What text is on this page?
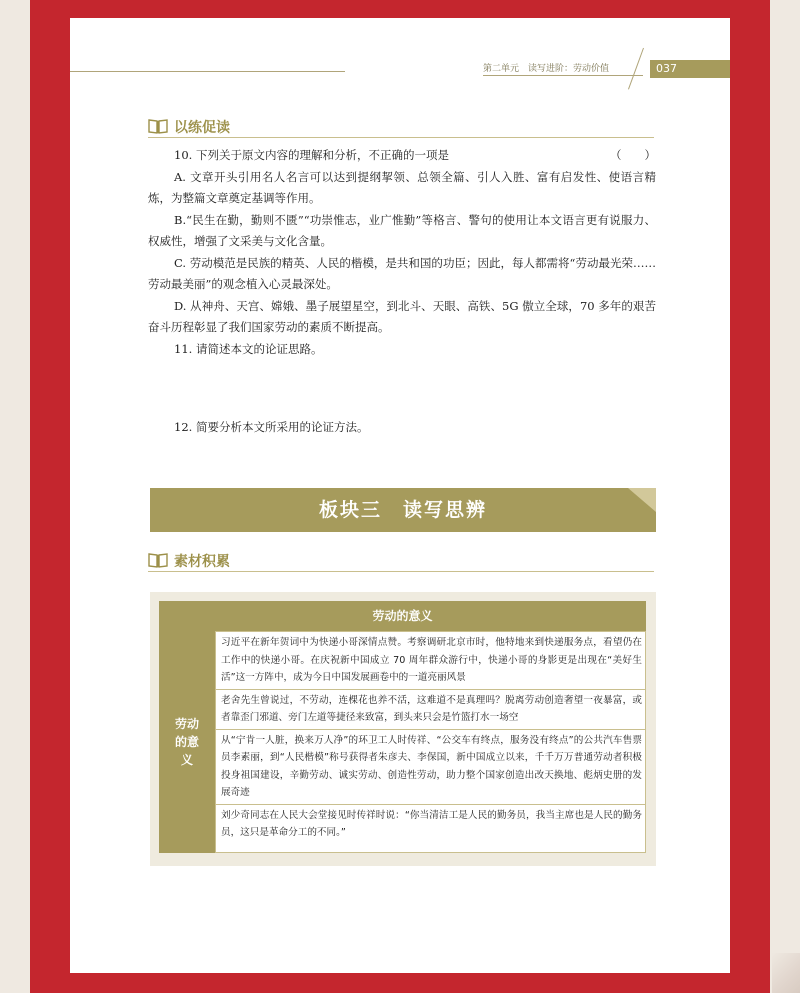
第二单元　读写进阶：劳动价值	037
以练促读

10. 下列关于原文内容的理解和分析，不正确的一项是	（　　）

A. 文章开头引用名人名言可以达到提纲挈领、总领全篇、引人入胜、富有启发性、使语言精炼，为整篇文章奠定基调等作用。

B.“民生在勤，勤则不匮”“功崇惟志，业广惟勤”等格言、警句的使用让本文语言更有说服力、权威性，增强了文采美与文化含量。

C. 劳动模范是民族的精英、人民的楷模，是共和国的功臣；因此，每人都需将“劳动最光荣……劳动最美丽”的观念植入心灵最深处。

D. 从神舟、天宫、嫦娥、墨子展望星空，到北斗、天眼、高铁、5G 傲立全球，70 多年的艰苦奋斗历程彰显了我们国家劳动的素质不断提高。

11. 请简述本文的论证思路。

12. 简要分析本文所采用的论证方法。

板块三　读写思辨
素材积累
劳动的意义
劳动的意义
习近平在新年贺词中为快递小哥深情点赞。考察调研北京市时，他特地来到快递服务点，看望仍在工作中的快递小哥。在庆祝新中国成立 70 周年群众游行中，快递小哥的身影更是出现在“美好生活”这一方阵中，成为今日中国发展画卷中的一道亮丽风景
老舍先生曾说过，不劳动，连棵花也养不活，这难道不是真理吗？脱离劳动创造奢望一夜暴富，或者靠歪门邪道、旁门左道等捷径来致富，到头来只会是竹篮打水一场空
从“宁肯一人脏，换来万人净”的环卫工人时传祥、“公交车有终点，服务没有终点”的公共汽车售票员李素丽，到“人民楷模”称号获得者朱彦夫、李保国，新中国成立以来，千千万万普通劳动者积极投身祖国建设，辛勤劳动、诚实劳动、创造性劳动，助力整个国家创造出改天换地、彪炳史册的发展奇迹
刘少奇同志在人民大会堂接见时传祥时说：“你当清洁工是人民的勤务员，我当主席也是人民的勤务员，这只是革命分工的不同。”
